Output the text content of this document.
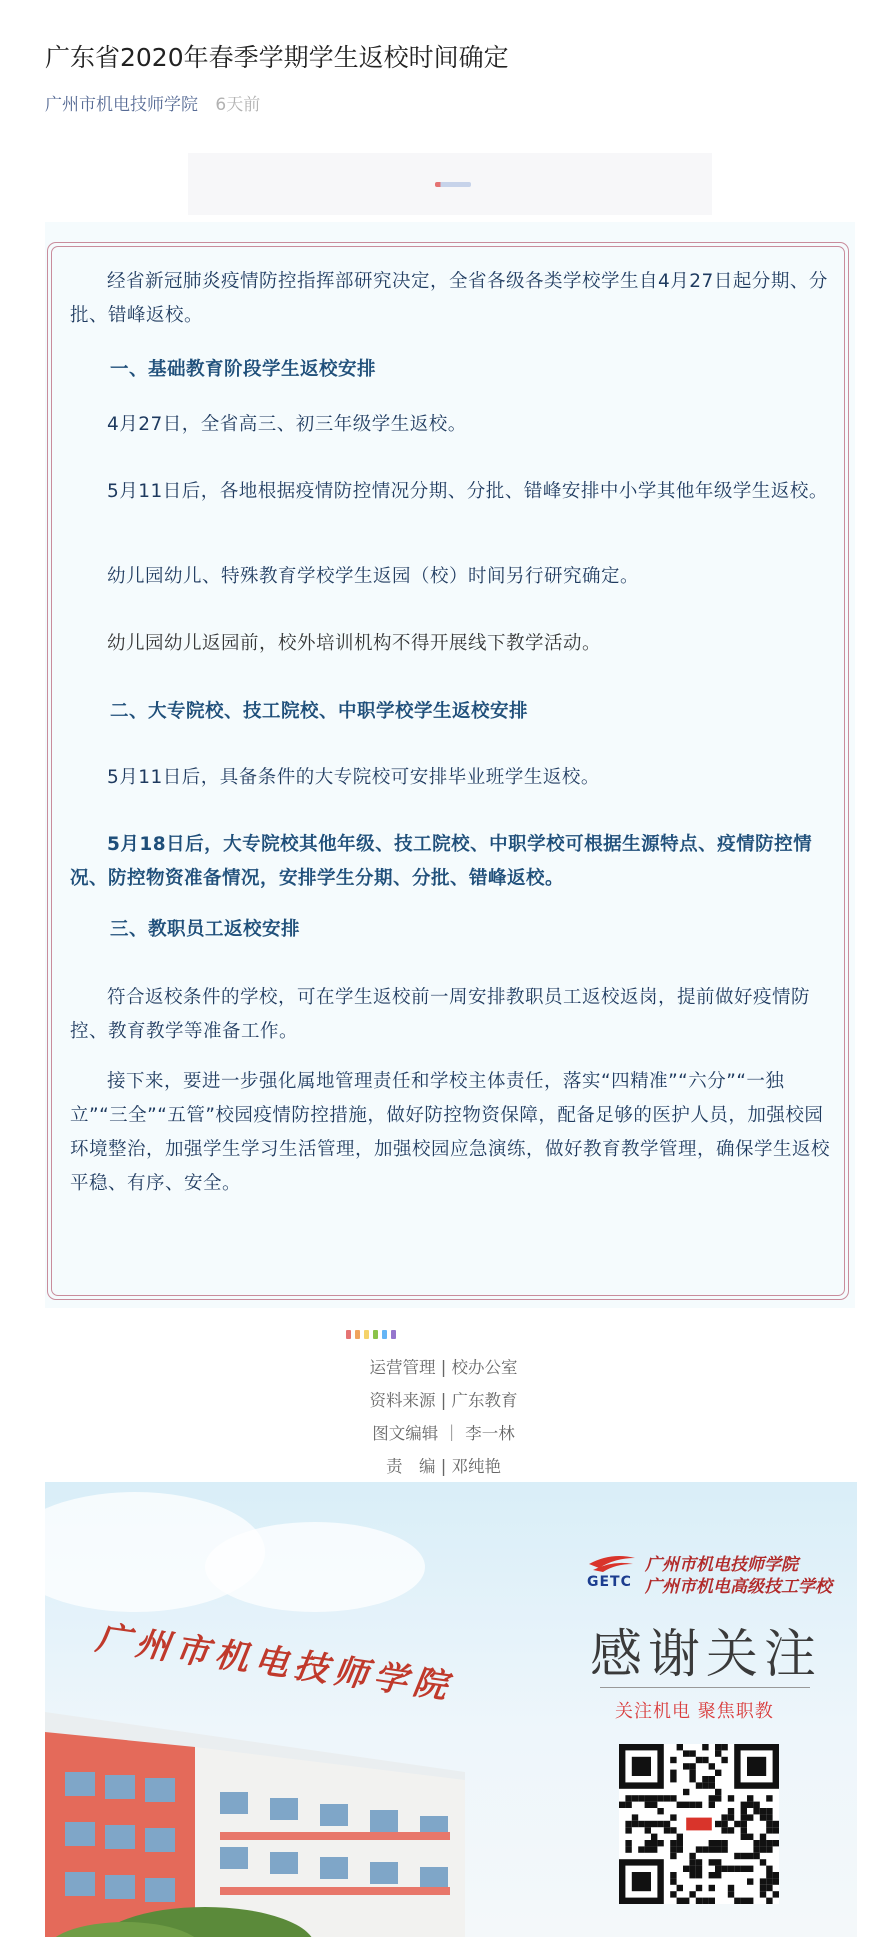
广东省2020年春季学期学生返校时间确定
广州市机电技师学院 6天前

经省新冠肺炎疫情防控指挥部研究决定，全省各级各类学校学生自4月27日起分期、分批、错峰返校。

一、基础教育阶段学生返校安排

4月27日，全省高三、初三年级学生返校。

5月11日后，各地根据疫情防控情况分期、分批、错峰安排中小学其他年级学生返校。

幼儿园幼儿、特殊教育学校学生返园（校）时间另行研究确定。

幼儿园幼儿返园前，校外培训机构不得开展线下教学活动。

二、大专院校、技工院校、中职学校学生返校安排

5月11日后，具备条件的大专院校可安排毕业班学生返校。

5月18日后，大专院校其他年级、技工院校、中职学校可根据生源特点、疫情防控情况、防控物资准备情况，安排学生分期、分批、错峰返校。

三、教职员工返校安排

符合返校条件的学校，可在学生返校前一周安排教职员工返校返岗，提前做好疫情防控、教育教学等准备工作。

接下来，要进一步强化属地管理责任和学校主体责任，落实“四精准”“六分”“一独立”“三全”“五管”校园疫情防控措施，做好防控物资保障，配备足够的医护人员，加强校园环境整治，加强学生学习生活管理，加强校园应急演练，做好教育教学管理，确保学生返校平稳、有序、安全。

运营管理 | 校办公室
资料来源 | 广东教育
图文编辑 ｜ 李一林
责　编 | 邓纯艳
广州市机电技师学院
GETC
广州市机电技师学院
广州市机电高级技工学校
感谢关注
关注机电 聚焦职教
